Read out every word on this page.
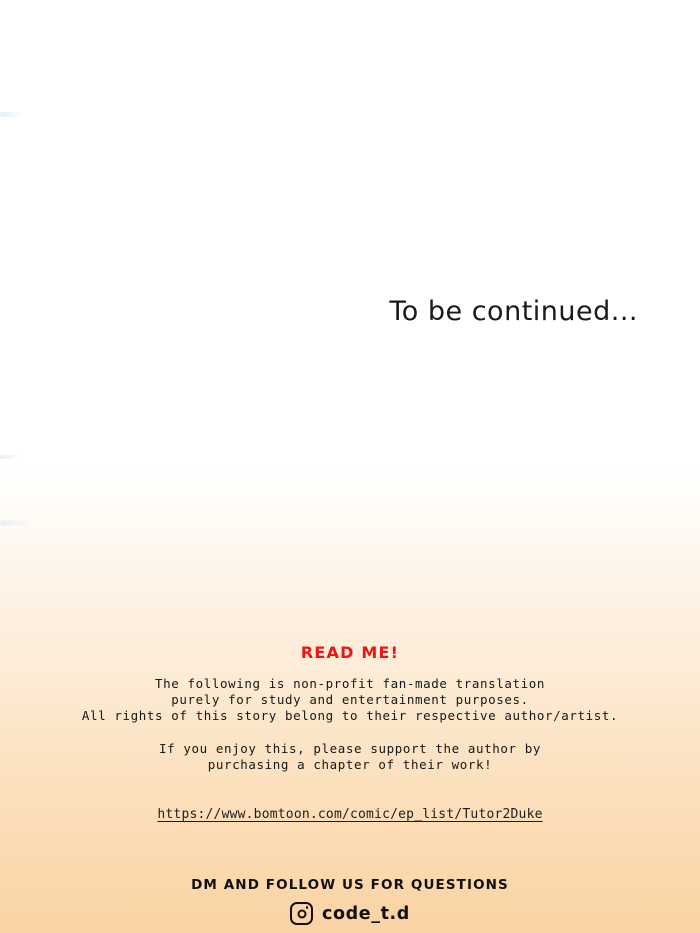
To be continued...
READ ME!
The following is non-profit fan-made translation
purely for study and entertainment purposes.
All rights of this story belong to their respective author/artist.
If you enjoy this, please support the author by
purchasing a chapter of their work!
https://www.bomtoon.com/comic/ep_list/Tutor2Duke
DM AND FOLLOW US FOR QUESTIONS
code_t.d
